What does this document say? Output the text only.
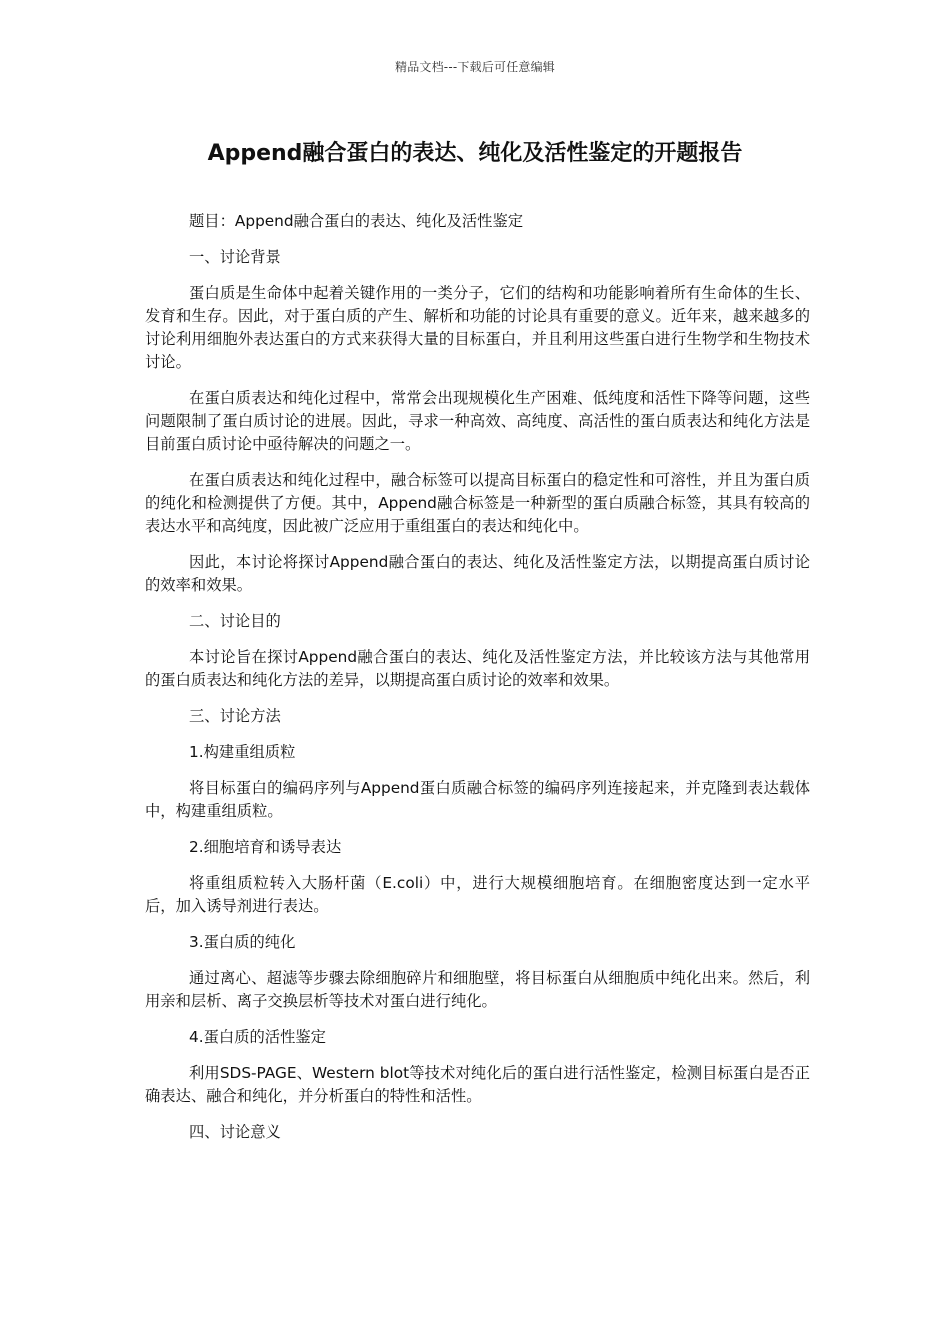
精品文档---下载后可任意编辑
Append融合蛋白的表达、纯化及活性鉴定的开题报告

题目：Append融合蛋白的表达、纯化及活性鉴定

一、讨论背景

蛋白质是生命体中起着关键作用的一类分子，它们的结构和功能影响着所有生命体的生长、发育和生存。因此，对于蛋白质的产生、解析和功能的讨论具有重要的意义。近年来，越来越多的讨论利用细胞外表达蛋白的方式来获得大量的目标蛋白，并且利用这些蛋白进行生物学和生物技术讨论。

在蛋白质表达和纯化过程中，常常会出现规模化生产困难、低纯度和活性下降等问题，这些问题限制了蛋白质讨论的进展。因此，寻求一种高效、高纯度、高活性的蛋白质表达和纯化方法是目前蛋白质讨论中亟待解决的问题之一。

在蛋白质表达和纯化过程中，融合标签可以提高目标蛋白的稳定性和可溶性，并且为蛋白质的纯化和检测提供了方便。其中，Append融合标签是一种新型的蛋白质融合标签，其具有较高的表达水平和高纯度，因此被广泛应用于重组蛋白的表达和纯化中。

因此，本讨论将探讨Append融合蛋白的表达、纯化及活性鉴定方法，以期提高蛋白质讨论的效率和效果。

二、讨论目的

本讨论旨在探讨Append融合蛋白的表达、纯化及活性鉴定方法，并比较该方法与其他常用的蛋白质表达和纯化方法的差异，以期提高蛋白质讨论的效率和效果。

三、讨论方法

1.构建重组质粒

将目标蛋白的编码序列与Append蛋白质融合标签的编码序列连接起来，并克隆到表达载体中，构建重组质粒。

2.细胞培育和诱导表达

将重组质粒转入大肠杆菌（E.coli）中，进行大规模细胞培育。在细胞密度达到一定水平后，加入诱导剂进行表达。

3.蛋白质的纯化

通过离心、超滤等步骤去除细胞碎片和细胞壁，将目标蛋白从细胞质中纯化出来。然后，利用亲和层析、离子交换层析等技术对蛋白进行纯化。

4.蛋白质的活性鉴定

利用SDS-PAGE、Western blot等技术对纯化后的蛋白进行活性鉴定，检测目标蛋白是否正确表达、融合和纯化，并分析蛋白的特性和活性。

四、讨论意义
